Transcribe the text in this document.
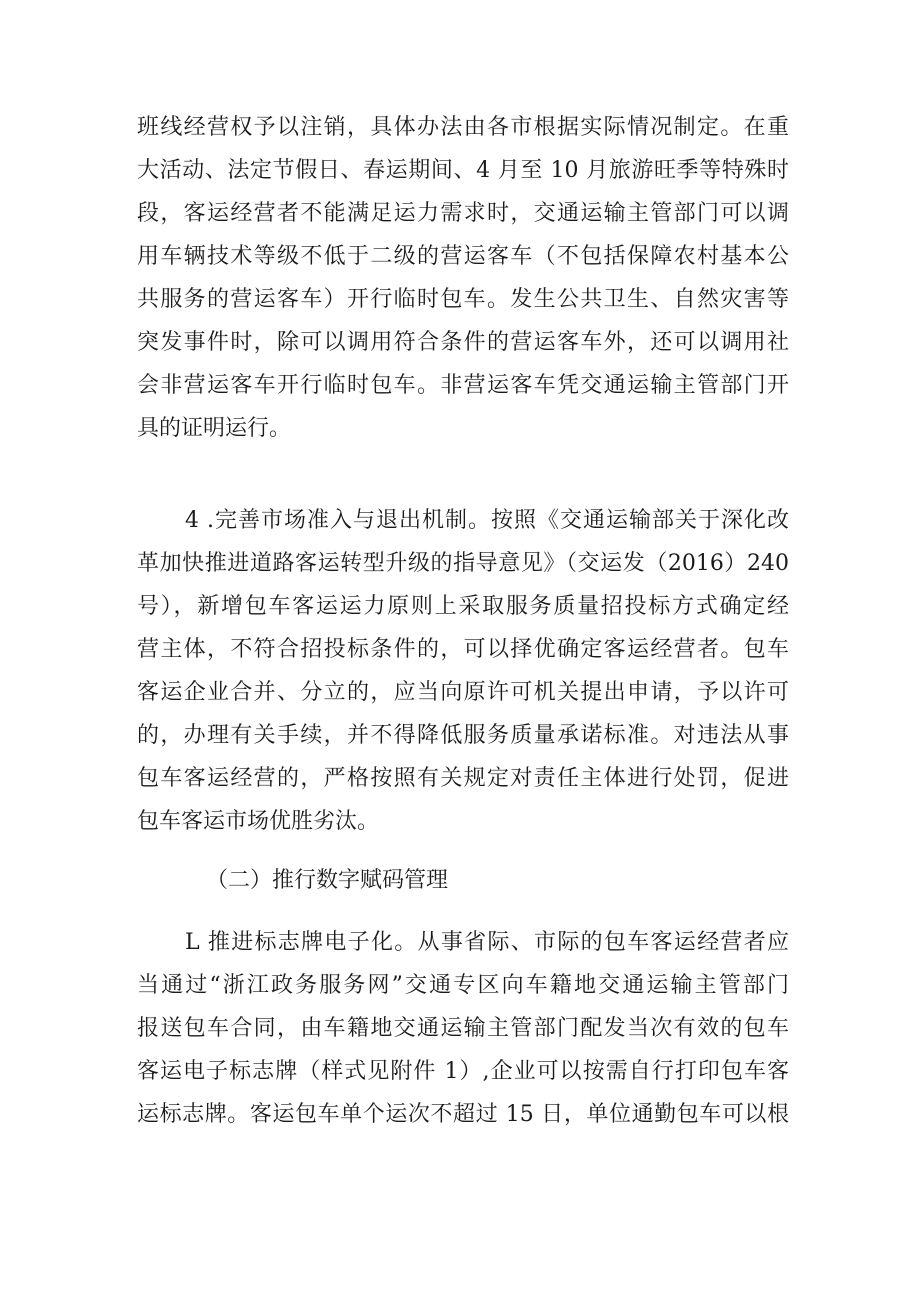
班线经营权予以注销，具体办法由各市根据实际情况制定。在重
大活动、法定节假日、春运期间、4 月至 10 月旅游旺季等特殊时
段，客运经营者不能满足运力需求时，交通运输主管部门可以调
用车辆技术等级不低于二级的营运客车（不包括保障农村基本公
共服务的营运客车）开行临时包车。发生公共卫生、自然灾害等
突发事件时，除可以调用符合条件的营运客车外，还可以调用社
会非营运客车开行临时包车。非营运客车凭交通运输主管部门开
具的证明运行。
4 .完善市场准入与退出机制。按照《交通运输部关于深化改
革加快推进道路客运转型升级的指导意见》（交运发（2016）240
号），新增包车客运运力原则上采取服务质量招投标方式确定经
营主体，不符合招投标条件的，可以择优确定客运经营者。包车
客运企业合并、分立的，应当向原许可机关提出申请，予以许可
的，办理有关手续，并不得降低服务质量承诺标准。对违法从事
包车客运经营的，严格按照有关规定对责任主体进行处罚，促进
包车客运市场优胜劣汰。
（二）推行数字赋码管理
L 推进标志牌电子化。从事省际、市际的包车客运经营者应
当通过“浙江政务服务网”交通专区向车籍地交通运输主管部门
报送包车合同，由车籍地交通运输主管部门配发当次有效的包车
客运电子标志牌（样式见附件 1）,企业可以按需自行打印包车客
运标志牌。客运包车单个运次不超过 15 日，单位通勤包车可以根
